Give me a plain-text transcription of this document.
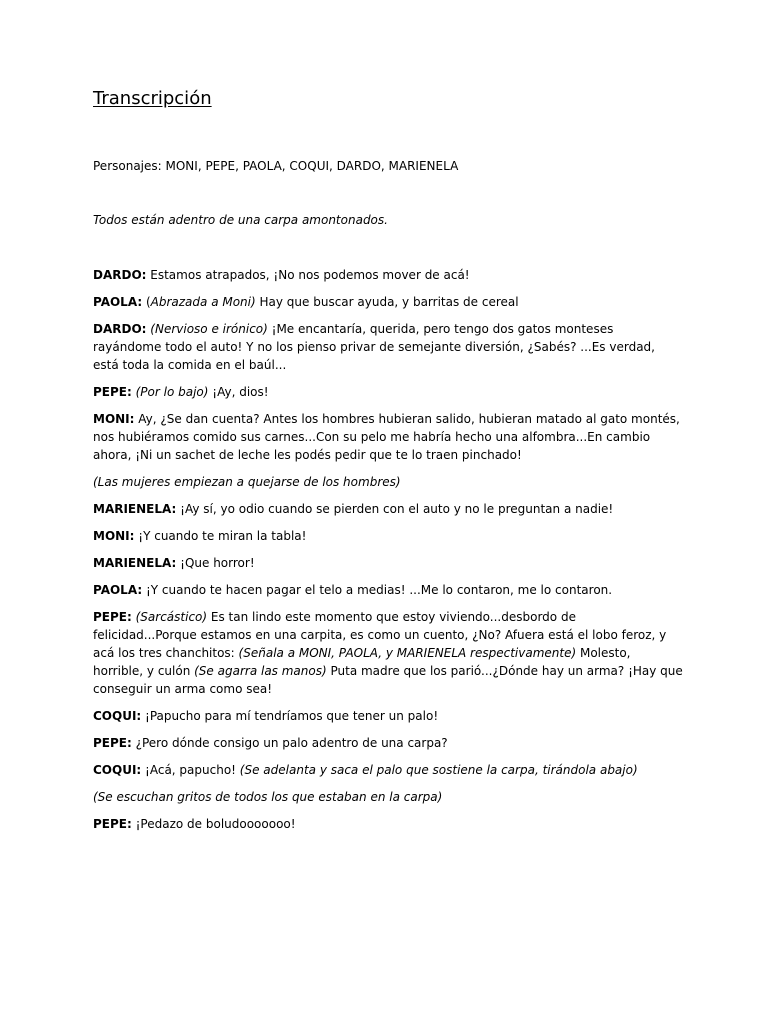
Transcripción
Personajes: MONI, PEPE, PAOLA, COQUI, DARDO, MARIENELA
Todos están adentro de una carpa amontonados.

DARDO: Estamos atrapados, ¡No nos podemos mover de acá!

PAOLA: (Abrazada a Moni) Hay que buscar ayuda, y barritas de cereal

DARDO: (Nervioso e irónico) ¡Me encantaría, querida, pero tengo dos gatos monteses rayándome todo el auto! Y no los pienso privar de semejante diversión, ¿Sabés? ...Es verdad, está toda la comida en el baúl...

PEPE: (Por lo bajo) ¡Ay, dios!

MONI: Ay, ¿Se dan cuenta? Antes los hombres hubieran salido, hubieran matado al gato montés, nos hubiéramos comido sus carnes...Con su pelo me habría hecho una alfombra...En cambio ahora, ¡Ni un sachet de leche les podés pedir que te lo traen pinchado!

(Las mujeres empiezan a quejarse de los hombres)

MARIENELA: ¡Ay sí, yo odio cuando se pierden con el auto y no le preguntan a nadie!

MONI: ¡Y cuando te miran la tabla!

MARIENELA: ¡Que horror!

PAOLA: ¡Y cuando te hacen pagar el telo a medias! ...Me lo contaron, me lo contaron.

PEPE: (Sarcástico) Es tan lindo este momento que estoy viviendo...desbordo de felicidad...Porque estamos en una carpita, es como un cuento, ¿No? Afuera está el lobo feroz, y acá los tres chanchitos: (Señala a MONI, PAOLA, y MARIENELA respectivamente) Molesto, horrible, y culón (Se agarra las manos) Puta madre que los parió...¿Dónde hay un arma? ¡Hay que conseguir un arma como sea!

COQUI: ¡Papucho para mí tendríamos que tener un palo!

PEPE: ¿Pero dónde consigo un palo adentro de una carpa?

COQUI: ¡Acá, papucho! (Se adelanta y saca el palo que sostiene la carpa, tirándola abajo)

(Se escuchan gritos de todos los que estaban en la carpa)

PEPE: ¡Pedazo de boludooooooo!
